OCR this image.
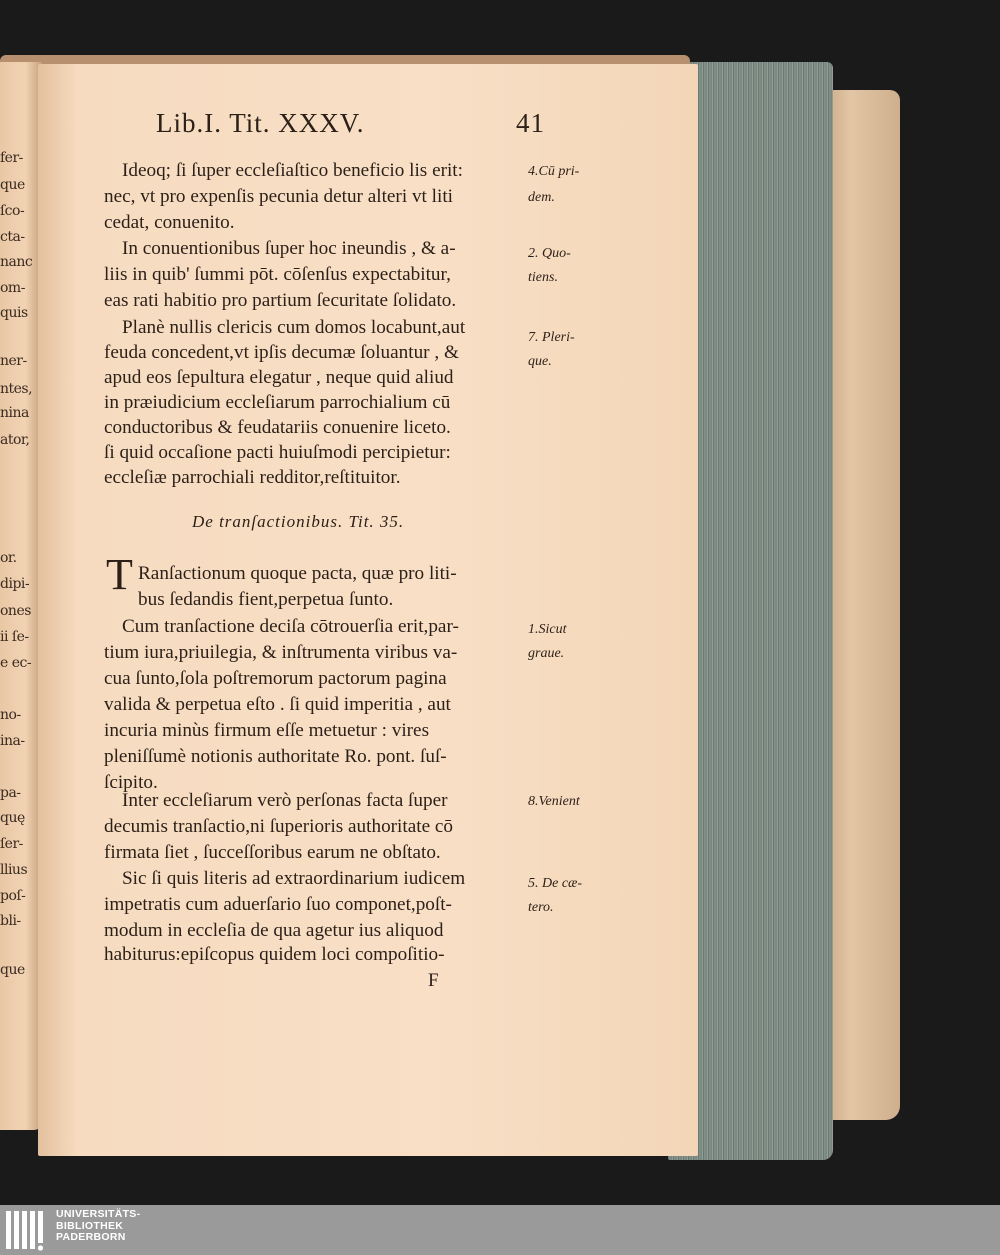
fer-
que
ſco-
cta-
nanc
om-
quis
ner-
ntes,
nina
ator,
or.
dipi-
ones
ii ſe-
e ec-
no-
ina-
pa-
quę
ſer-
llius
poſ-
bli-
que
Lib.I. Tit. XXXV.	41
Ideoq; ſi ſuper eccleſiaſtico beneficio lis erit:
nec, vt pro expenſis pecunia detur alteri vt liti
cedat, conuenito.
In conuentionibus ſuper hoc ineundis , & a-
liis in quib' ſummi pōt. cōſenſus expectabitur,
eas rati habitio pro partium ſecuritate ſolidato.
Planè nullis clericis cum domos locabunt,aut
feuda concedent,vt ipſis decumæ ſoluantur , &
apud eos ſepultura elegatur , neque quid aliud
in præiudicium eccleſiarum parrochialium cū
conductoribus & feudatariis conuenire liceto.
ſi quid occaſione pacti huiuſmodi percipietur:
eccleſiæ parrochiali redditor,reſtituitor.
Ranſactionum quoque pacta, quæ pro liti-
bus ſedandis fient,perpetua ſunto.
Cum tranſactione deciſa cōtrouerſia erit,par-
tium iura,priuilegia, & inſtrumenta viribus va-
cua ſunto,ſola poſtremorum pactorum pagina
valida & perpetua eſto . ſi quid imperitia , aut
incuria minùs firmum eſſe metuetur : vires
pleniſſumè notionis authoritate Ro. pont. ſuſ-
ſcipito.
Inter eccleſiarum verò perſonas facta ſuper
decumis tranſactio,ni ſuperioris authoritate cō
firmata ſiet , ſucceſſoribus earum ne obſtato.
Sic ſi quis literis ad extraordinarium iudicem
impetratis cum aduerſario ſuo componet,poſt-
modum in eccleſia de qua agetur ius aliquod
habiturus:epiſcopus quidem loci compoſitio-
4.Cū pri-
dem.
2. Quo-
tiens.
7. Pleri-
que.
1.Sicut
graue.
8.Venient
5. De cæ-
tero.
De tranſactionibus. Tit. 35.
T
F
UNIVERSITÄTS-
BIBLIOTHEK
PADERBORN
